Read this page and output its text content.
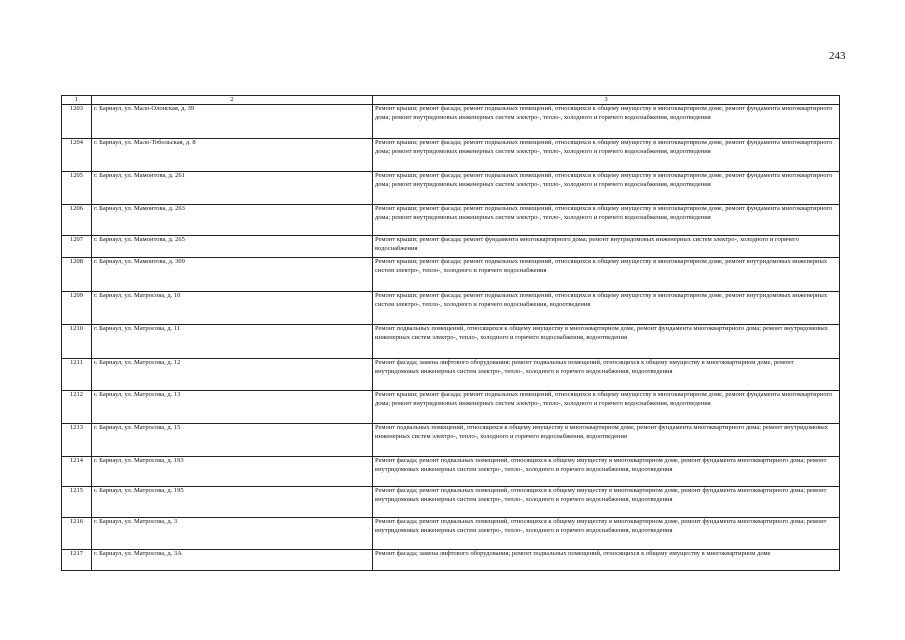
243
1	2	3
1203	г. Барнаул, ул. Мало-Олонская, д. 39	Ремонт крыши; ремонт фасада; ремонт подвальных помещений, относящихся к общему имуществу в многоквартирном доме, ремонт фундамента многоквартирного дома; ремонт внутридомовых инженерных систем электро-, тепло-, холодного и горячего водоснабжения, водоотведения
1204	г. Барнаул, ул. Мало-Тобольская, д. 8	Ремонт крыши; ремонт фасада; ремонт подвальных помещений, относящихся к общему имуществу в многоквартирном доме, ремонт фундамента многоквартирного дома; ремонт внутридомовых инженерных систем электро-, тепло-, холодного и горячего водоснабжения, водоотведения
1205	г. Барнаул, ул. Мамонтова, д. 261	Ремонт крыши; ремонт фасада; ремонт подвальных помещений, относящихся к общему имуществу в многоквартирном доме, ремонт фундамента многоквартирного дома; ремонт внутридомовых инженерных систем электро-, тепло-, холодного и горячего водоснабжения, водоотведения
1206	г. Барнаул, ул. Мамонтова, д. 263	Ремонт крыши; ремонт фасада; ремонт подвальных помещений, относящихся к общему имуществу в многоквартирном доме, ремонт фундамента многоквартирного дома; ремонт внутридомовых инженерных систем электро-, тепло-, холодного и горячего водоснабжения, водоотведения
1207	г. Барнаул, ул. Мамонтова, д. 265	Ремонт крыши; ремонт фасада; ремонт фундамента многоквартирного дома; ремонт внутридомовых инженерных систем электро-, холодного и горячего водоснабжения
1208	г. Барнаул, ул. Мамонтова, д. 309	Ремонт крыши; ремонт фасада; ремонт подвальных помещений, относящихся к общему имуществу в многоквартирном доме, ремонт внутридомовых инженерных систем электро-, тепло-, холодного и горячего водоснабжения
1209	г. Барнаул, ул. Матросова, д. 10	Ремонт крыши; ремонт фасада; ремонт подвальных помещений, относящихся к общему имуществу в многоквартирном доме, ремонт внутридомовых инженерных систем электро-, тепло-, холодного и горячего водоснабжения, водоотведения
1210	г. Барнаул, ул. Матросова, д. 11	Ремонт подвальных помещений, относящихся к общему имуществу в многоквартирном доме, ремонт фундамента многоквартирного дома; ремонт внутридомовых инженерных систем электро-, тепло-, холодного и горячего водоснабжения, водоотведения
1211	г. Барнаул, ул. Матросова, д. 12	Ремонт фасада; замена лифтового оборудования; ремонт подвальных помещений, относящихся к общему имуществу в многоквартирном доме, ремонт внутридомовых инженерных систем электро-, тепло-, холодного и горячего водоснабжения, водоотведения
1212	г. Барнаул, ул. Матросова, д. 13	Ремонт крыши; ремонт фасада; ремонт подвальных помещений, относящихся к общему имуществу в многоквартирном доме, ремонт фундамента многоквартирного дома; ремонт внутридомовых инженерных систем электро-, тепло-, холодного и горячего водоснабжения, водоотведения
1213	г. Барнаул, ул. Матросова, д. 15	Ремонт подвальных помещений, относящихся к общему имуществу в многоквартирном доме, ремонт фундамента многоквартирного дома; ремонт внутридомовых инженерных систем электро-, тепло-, холодного и горячего водоснабжения, водоотведения
1214	г. Барнаул, ул. Матросова, д. 193	Ремонт фасада; ремонт подвальных помещений, относящихся к общему имуществу в многоквартирном доме, ремонт фундамента многоквартирного дома; ремонт внутридомовых инженерных систем электро-, тепло-, холодного и горячего водоснабжения, водоотведения
1215	г. Барнаул, ул. Матросова, д. 195	Ремонт фасада; ремонт подвальных помещений, относящихся к общему имуществу в многоквартирном доме, ремонт фундамента многоквартирного дома; ремонт внутридомовых инженерных систем электро-, тепло-, холодного и горячего водоснабжения, водоотведения
1216	г. Барнаул, ул. Матросова, д. 3	Ремонт фасада; ремонт подвальных помещений, относящихся к общему имуществу в многоквартирном доме, ремонт фундамента многоквартирного дома; ремонт внутридомовых инженерных систем электро-, тепло-, холодного и горячего водоснабжения, водоотведения
1217	г. Барнаул, ул. Матросова, д. 3А	Ремонт фасада; замена лифтового оборудования; ремонт подвальных помещений, относящихся к общему имуществу в многоквартирном доме
